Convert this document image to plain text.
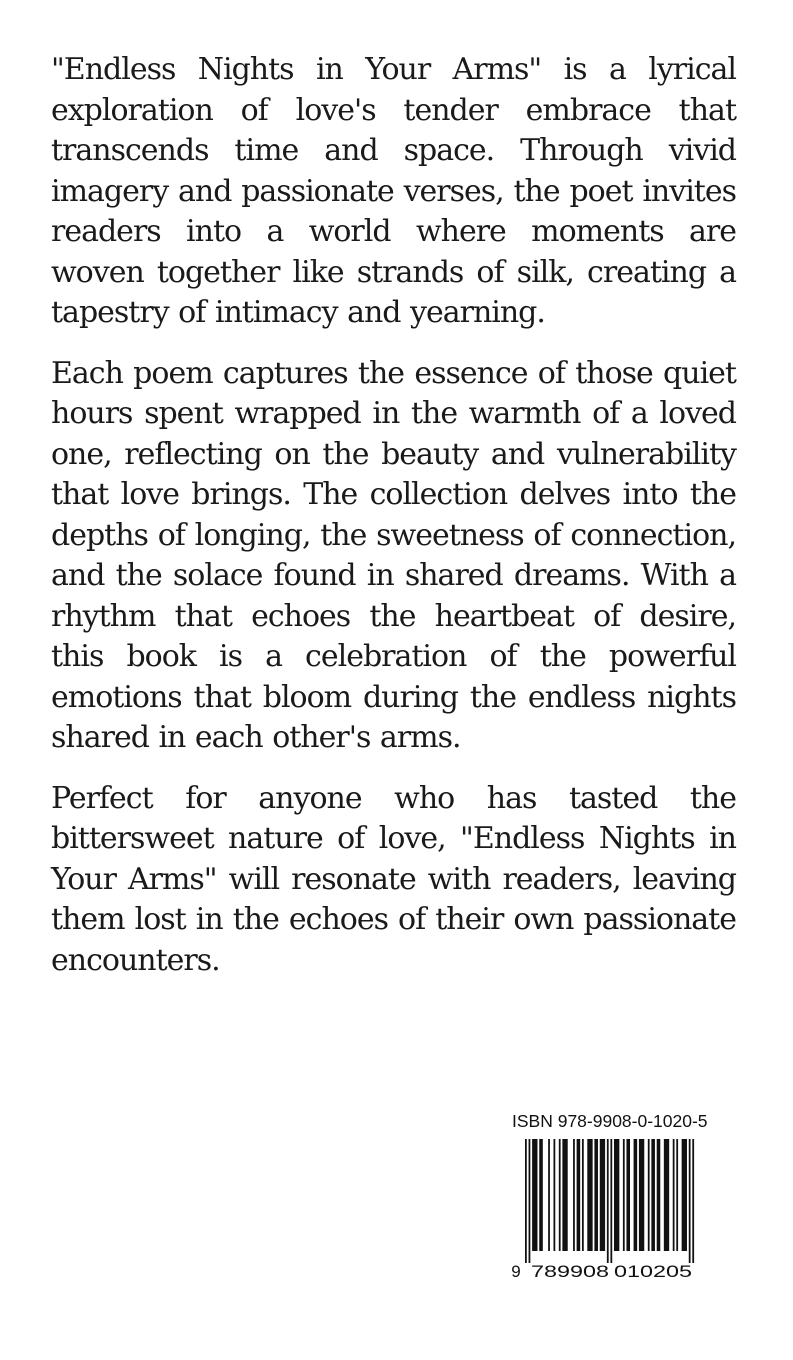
"Endless Nights in Your Arms" is a lyrical exploration of love's tender embrace that transcends time and space. Through vivid imagery and passionate verses, the poet invites readers into a world where moments are woven together like strands of silk, creating a tapestry of intimacy and yearning.

Each poem captures the essence of those quiet hours spent wrapped in the warmth of a loved one, reflecting on the beauty and vulnerability that love brings. The collection delves into the depths of longing, the sweetness of connection, and the solace found in shared dreams. With a rhythm that echoes the heartbeat of desire, this book is a celebration of the powerful emotions that bloom during the endless nights shared in each other's arms.

Perfect for anyone who has tasted the bittersweet nature of love, "Endless Nights in Your Arms" will resonate with readers, leaving them lost in the echoes of their own passionate encounters.

ISBN 978-9908-0-1020-5
9 789908 010205
